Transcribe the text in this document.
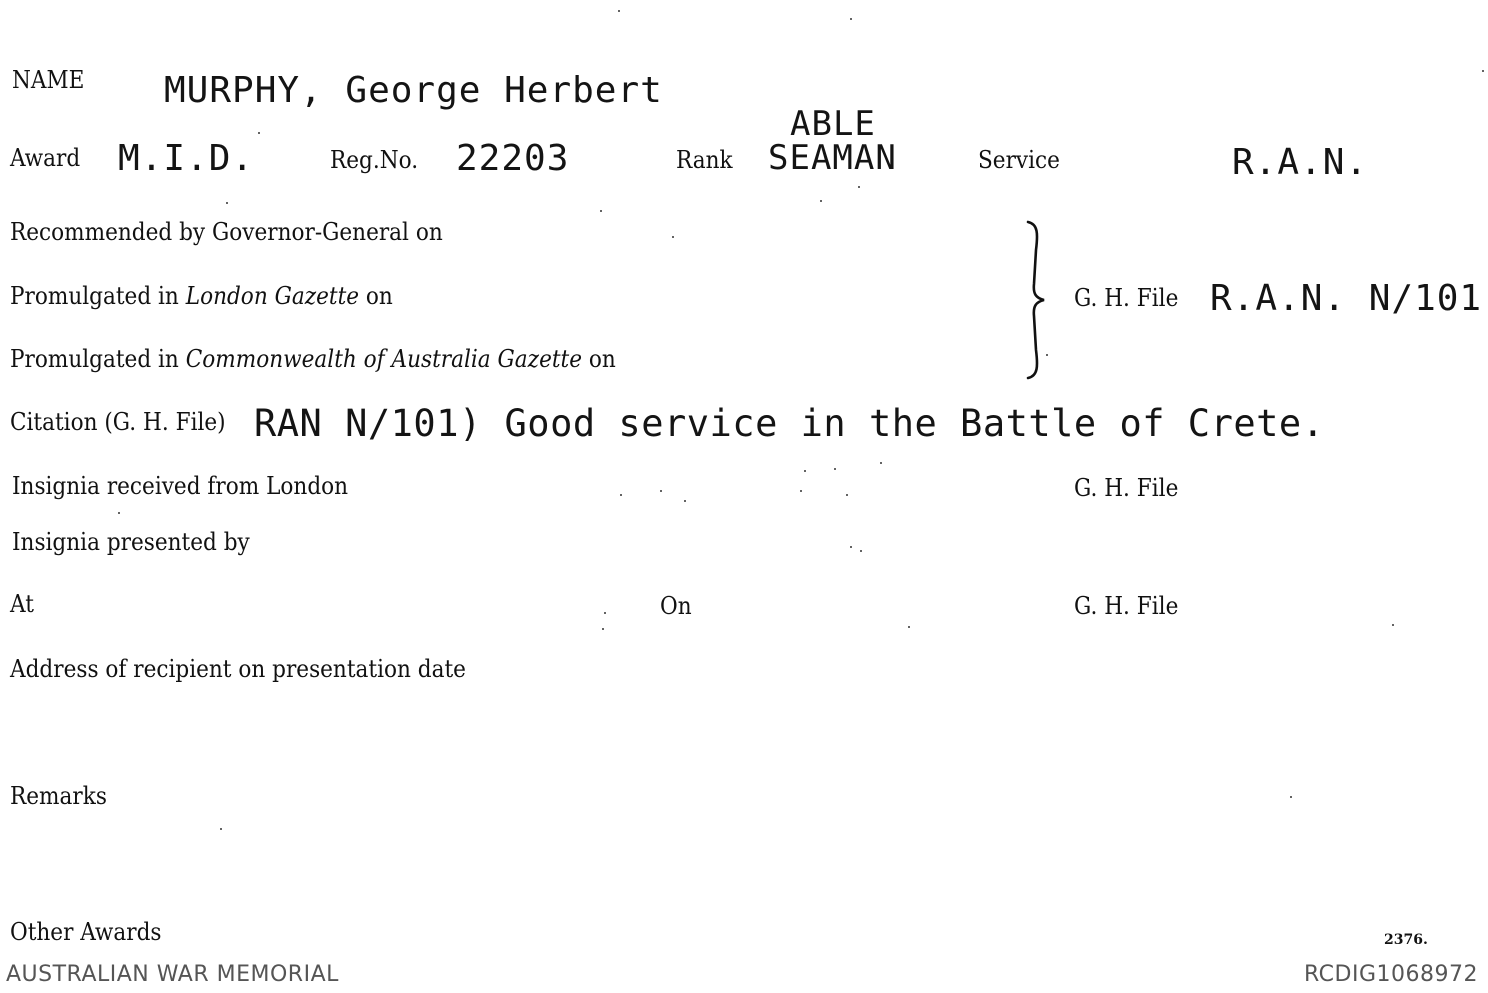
NAME MURPHY, George Herbert
Award M.I.D.	Reg.No. 22203	Rank
ABLE
SEAMAN	Service	R.A.N.
Recommended by Governor-General on
Promulgated in London Gazette on
Promulgated in Commonwealth of Australia Gazette on
G. H. File R.A.N. N/101
Citation (G. H. File) RAN N/101) Good service in the Battle of Crete.
Insignia received from London	G. H. File
Insignia presented by
At	On	G. H. File
Address of recipient on presentation date
Remarks
Other Awards	2376.
AUSTRALIAN WAR MEMORIAL	RCDIG1068972
